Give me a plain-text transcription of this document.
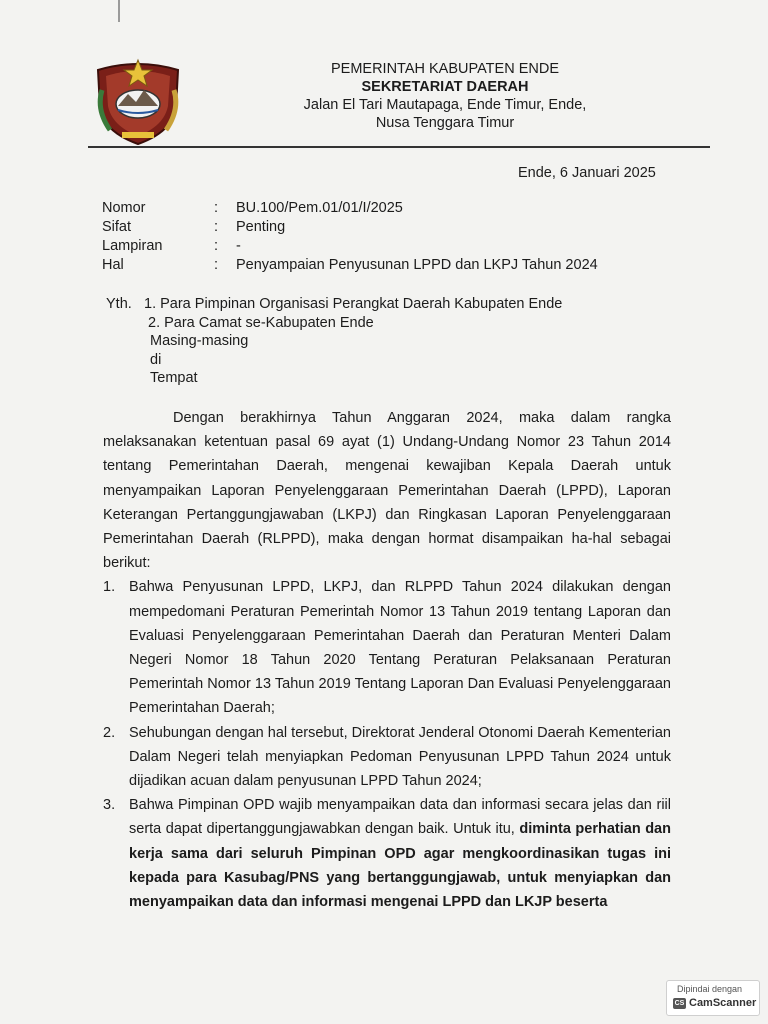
PEMERINTAH KABUPATEN ENDE
SEKRETARIAT DAERAH
Jalan El Tari Mautapaga, Ende Timur, Ende,
Nusa Tenggara Timur
Ende, 6 Januari 2025
Nomor	:	BU.100/Pem.01/01/I/2025
Sifat	:	Penting
Lampiran	:	-
Hal	:	Penyampaian Penyusunan LPPD dan LKPJ Tahun 2024
Yth. 1. Para Pimpinan Organisasi Perangkat Daerah Kabupaten Ende
2. Para Camat se-Kabupaten Ende
Masing-masing
di
Tempat

Dengan berakhirnya Tahun Anggaran 2024, maka dalam rangka melaksanakan ketentuan pasal 69 ayat (1) Undang-Undang Nomor 23 Tahun 2014 tentang Pemerintahan Daerah, mengenai kewajiban Kepala Daerah untuk menyampaikan Laporan Penyelenggaraan Pemerintahan Daerah (LPPD), Laporan Keterangan Pertanggungjawaban (LKPJ) dan Ringkasan Laporan Penyelenggaraan Pemerintahan Daerah (RLPPD), maka dengan hormat disampaikan ha-hal sebagai berikut:

1. Bahwa Penyusunan LPPD, LKPJ, dan RLPPD Tahun 2024 dilakukan dengan mempedomani Peraturan Pemerintah Nomor 13 Tahun 2019 tentang Laporan dan Evaluasi Penyelenggaraan Pemerintahan Daerah dan Peraturan Menteri Dalam Negeri Nomor 18 Tahun 2020 Tentang Peraturan Pelaksanaan Peraturan Pemerintah Nomor 13 Tahun 2019 Tentang Laporan Dan Evaluasi Penyelenggaraan Pemerintahan Daerah;
2. Sehubungan dengan hal tersebut, Direktorat Jenderal Otonomi Daerah Kementerian Dalam Negeri telah menyiapkan Pedoman Penyusunan LPPD Tahun 2024 untuk dijadikan acuan dalam penyusunan LPPD Tahun 2024;
3. Bahwa Pimpinan OPD wajib menyampaikan data dan informasi secara jelas dan riil serta dapat dipertanggungjawabkan dengan baik. Untuk itu, diminta perhatian dan kerja sama dari seluruh Pimpinan OPD agar mengkoordinasikan tugas ini kepada para Kasubag/PNS yang bertanggungjawab, untuk menyiapkan dan menyampaikan data dan informasi mengenai LPPD dan LKJP beserta
Dipindai dengan
CS CamScanner
